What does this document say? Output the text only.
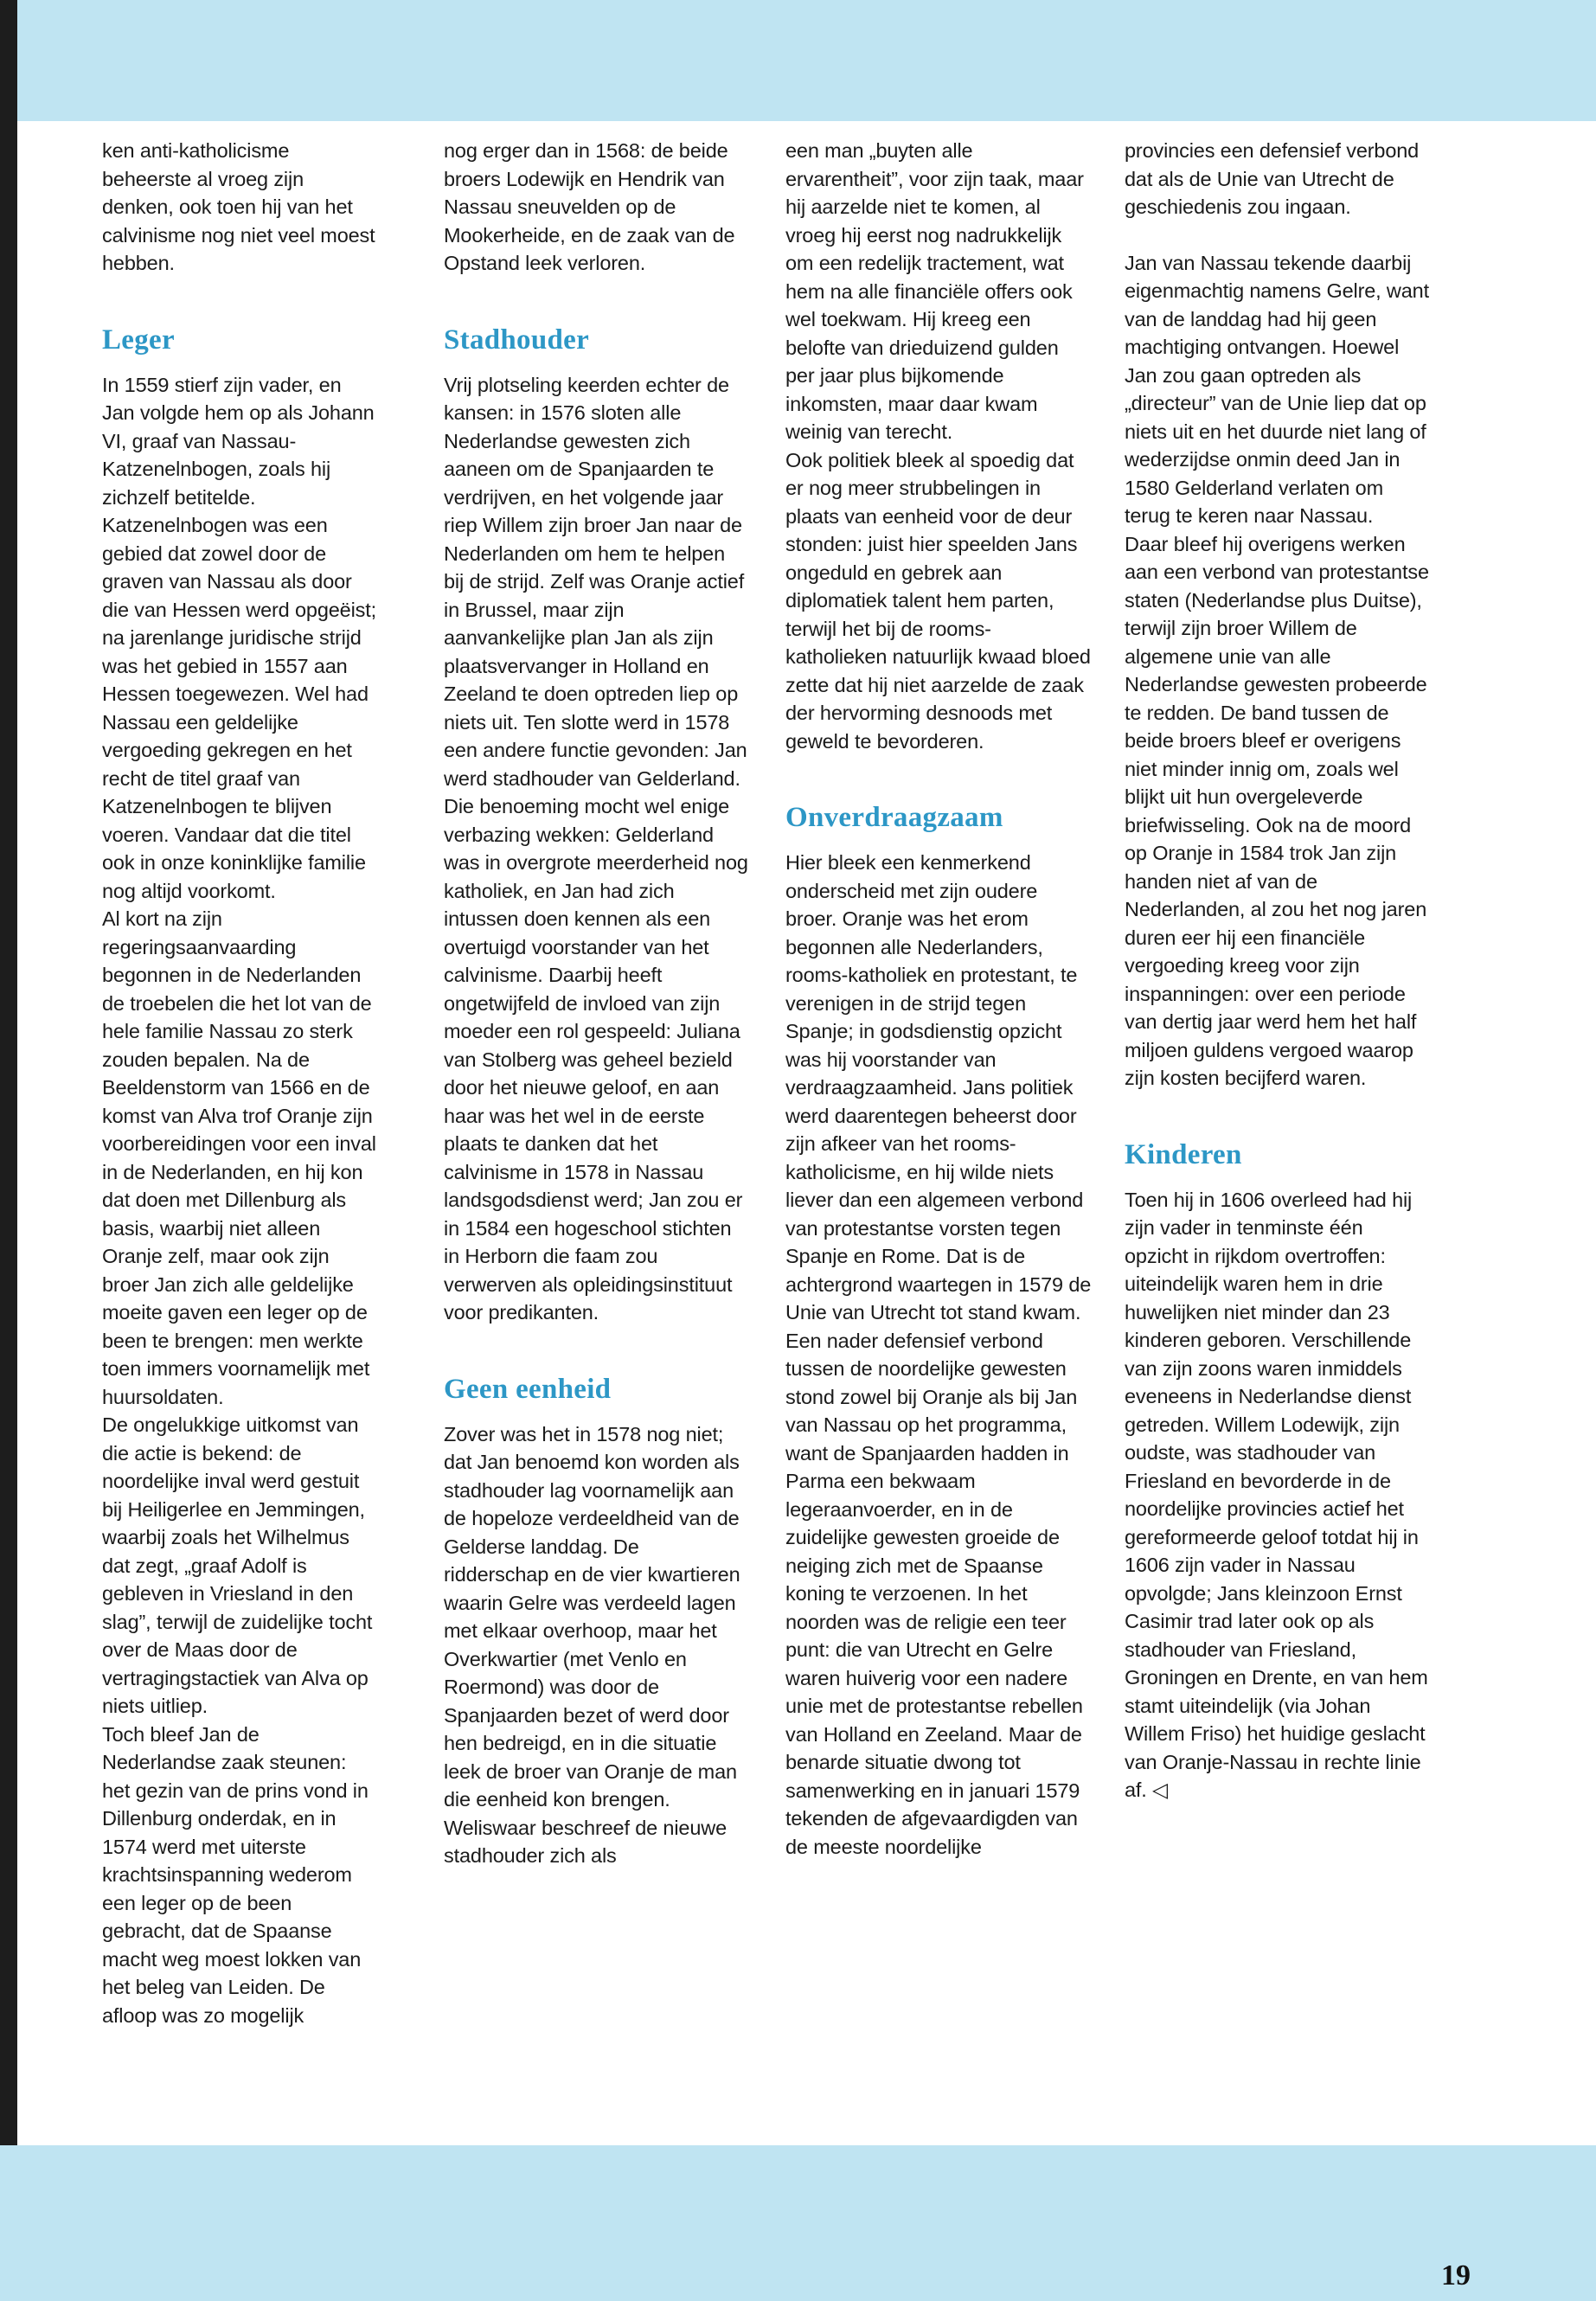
ken anti-katholicisme beheerste al vroeg zijn denken, ook toen hij van het calvinisme nog niet veel moest hebben.

Leger

In 1559 stierf zijn vader, en Jan volgde hem op als Johann VI, graaf van Nassau-Katzenelnbogen, zoals hij zichzelf betitelde.

Katzenelnbogen was een gebied dat zowel door de graven van Nassau als door die van Hessen werd opgeëist; na jarenlange juridische strijd was het gebied in 1557 aan Hessen toegewezen. Wel had Nassau een geldelijke vergoeding gekregen en het recht de titel graaf van Katzenelnbogen te blijven voeren. Vandaar dat die titel ook in onze koninklijke familie nog altijd voorkomt.

Al kort na zijn regeringsaanvaarding begonnen in de Nederlanden de troebelen die het lot van de hele familie Nassau zo sterk zouden bepalen. Na de Beeldenstorm van 1566 en de komst van Alva trof Oranje zijn voorbereidingen voor een inval in de Nederlanden, en hij kon dat doen met Dillenburg als basis, waarbij niet alleen Oranje zelf, maar ook zijn broer Jan zich alle geldelijke moeite gaven een leger op de been te brengen: men werkte toen immers voornamelijk met huursoldaten.

De ongelukkige uitkomst van die actie is bekend: de noordelijke inval werd gestuit bij Heiligerlee en Jemmingen, waarbij zoals het Wilhelmus dat zegt, „graaf Adolf is gebleven in Vriesland in den slag”, terwijl de zuidelijke tocht over de Maas door de vertragingstactiek van Alva op niets uitliep.

Toch bleef Jan de Nederlandse zaak steunen: het gezin van de prins vond in Dillenburg onderdak, en in 1574 werd met uiterste krachtsinspanning wederom een leger op de been gebracht, dat de Spaanse macht weg moest lokken van het beleg van Leiden. De afloop was zo mogelijk

nog erger dan in 1568: de beide broers Lodewijk en Hendrik van Nassau sneuvelden op de Mookerheide, en de zaak van de Opstand leek verloren.

Stadhouder

Vrij plotseling keerden echter de kansen: in 1576 sloten alle Nederlandse gewesten zich aaneen om de Spanjaarden te verdrijven, en het volgende jaar riep Willem zijn broer Jan naar de Nederlanden om hem te helpen bij de strijd. Zelf was Oranje actief in Brussel, maar zijn aanvankelijke plan Jan als zijn plaatsvervanger in Holland en Zeeland te doen optreden liep op niets uit. Ten slotte werd in 1578 een andere functie gevonden: Jan werd stadhouder van Gelderland.

Die benoeming mocht wel enige verbazing wekken: Gelderland was in overgrote meerderheid nog katholiek, en Jan had zich intussen doen kennen als een overtuigd voorstander van het calvinisme. Daarbij heeft ongetwijfeld de invloed van zijn moeder een rol gespeeld: Juliana van Stolberg was geheel bezield door het nieuwe geloof, en aan haar was het wel in de eerste plaats te danken dat het calvinisme in 1578 in Nassau landsgodsdienst werd; Jan zou er in 1584 een hogeschool stichten in Herborn die faam zou verwerven als opleidingsinstituut voor predikanten.

Geen eenheid

Zover was het in 1578 nog niet; dat Jan benoemd kon worden als stadhouder lag voornamelijk aan de hopeloze verdeeldheid van de Gelderse landdag. De ridderschap en de vier kwartieren waarin Gelre was verdeeld lagen met elkaar overhoop, maar het Overkwartier (met Venlo en Roermond) was door de Spanjaarden bezet of werd door hen bedreigd, en in die situatie leek de broer van Oranje de man die eenheid kon brengen.

Weliswaar beschreef de nieuwe stadhouder zich als

een man „buyten alle ervarentheit”, voor zijn taak, maar hij aarzelde niet te komen, al vroeg hij eerst nog nadrukkelijk om een redelijk tractement, wat hem na alle financiële offers ook wel toekwam. Hij kreeg een belofte van drieduizend gulden per jaar plus bijkomende inkomsten, maar daar kwam weinig van terecht.

Ook politiek bleek al spoedig dat er nog meer strubbelingen in plaats van eenheid voor de deur stonden: juist hier speelden Jans ongeduld en gebrek aan diplomatiek talent hem parten, terwijl het bij de rooms-katholieken natuurlijk kwaad bloed zette dat hij niet aarzelde de zaak der hervorming desnoods met geweld te bevorderen.

Onverdraagzaam

Hier bleek een kenmerkend onderscheid met zijn oudere broer. Oranje was het erom begonnen alle Nederlanders, rooms-katholiek en protestant, te verenigen in de strijd tegen Spanje; in godsdienstig opzicht was hij voorstander van verdraagzaamheid. Jans politiek werd daarentegen beheerst door zijn afkeer van het rooms-katholicisme, en hij wilde niets liever dan een algemeen verbond van protestantse vorsten tegen Spanje en Rome. Dat is de achtergrond waartegen in 1579 de Unie van Utrecht tot stand kwam.

Een nader defensief verbond tussen de noordelijke gewesten stond zowel bij Oranje als bij Jan van Nassau op het programma, want de Spanjaarden hadden in Parma een bekwaam legeraanvoerder, en in de zuidelijke gewesten groeide de neiging zich met de Spaanse koning te verzoenen. In het noorden was de religie een teer punt: die van Utrecht en Gelre waren huiverig voor een nadere unie met de protestantse rebellen van Holland en Zeeland. Maar de benarde situatie dwong tot samenwerking en in januari 1579 tekenden de afgevaardigden van de meeste noordelijke

provincies een defensief verbond dat als de Unie van Utrecht de geschiedenis zou ingaan.

Jan van Nassau tekende daarbij eigenmachtig namens Gelre, want van de landdag had hij geen machtiging ontvangen. Hoewel Jan zou gaan optreden als „directeur” van de Unie liep dat op niets uit en het duurde niet lang of wederzijdse onmin deed Jan in 1580 Gelderland verlaten om terug te keren naar Nassau.

Daar bleef hij overigens werken aan een verbond van protestantse staten (Nederlandse plus Duitse), terwijl zijn broer Willem de algemene unie van alle Nederlandse gewesten probeerde te redden. De band tussen de beide broers bleef er overigens niet minder innig om, zoals wel blijkt uit hun overgeleverde briefwisseling. Ook na de moord op Oranje in 1584 trok Jan zijn handen niet af van de Nederlanden, al zou het nog jaren duren eer hij een financiële vergoeding kreeg voor zijn inspanningen: over een periode van dertig jaar werd hem het half miljoen guldens vergoed waarop zijn kosten becijferd waren.

Kinderen

Toen hij in 1606 overleed had hij zijn vader in tenminste één opzicht in rijkdom overtroffen: uiteindelijk waren hem in drie huwelijken niet minder dan 23 kinderen geboren. Verschillende van zijn zoons waren inmiddels eveneens in Nederlandse dienst getreden. Willem Lodewijk, zijn oudste, was stadhouder van Friesland en bevorderde in de noordelijke provincies actief het gereformeerde geloof totdat hij in 1606 zijn vader in Nassau opvolgde; Jans kleinzoon Ernst Casimir trad later ook op als stadhouder van Friesland, Groningen en Drente, en van hem stamt uiteindelijk (via Johan Willem Friso) het huidige geslacht van Oranje-Nassau in rechte linie af. ◁

19
